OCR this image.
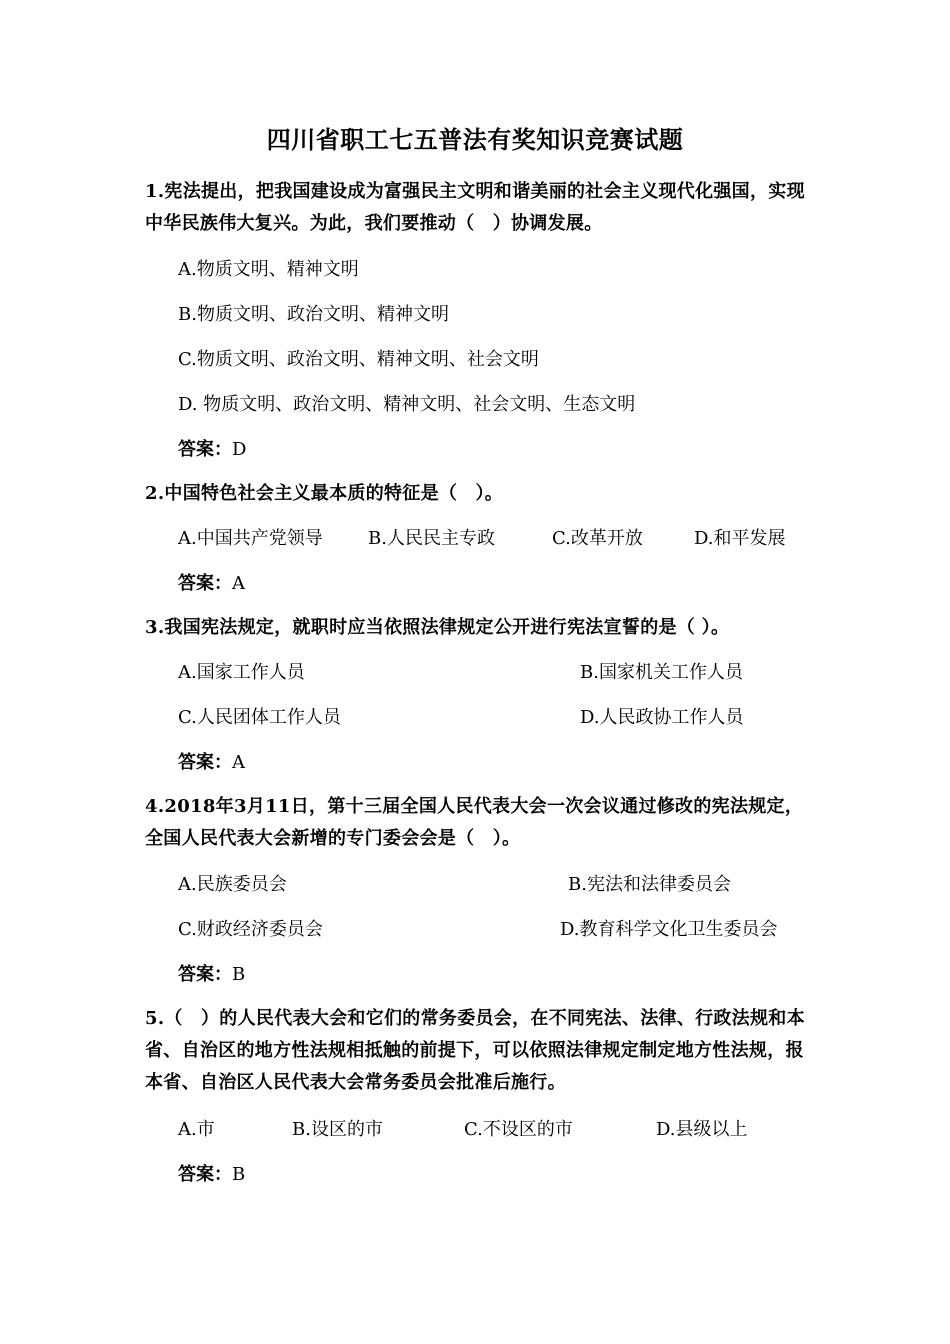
四川省职工七五普法有奖知识竞赛试题
1.宪法提出，把我国建设成为富强民主文明和谐美丽的社会主义现代化强国，实现中华民族伟大复兴。为此，我们要推动（　）协调发展。
A.物质文明、精神文明
B.物质文明、政治文明、精神文明
C.物质文明、政治文明、精神文明、社会文明
D. 物质文明、政治文明、精神文明、社会文明、生态文明
答案：D
2.中国特色社会主义最本质的特征是（　）。
A.中国共产党领导	B.人民民主专政	C.改革开放	D.和平发展
答案：A
3.我国宪法规定，就职时应当依照法律规定公开进行宪法宣誓的是（ ）。
A.国家工作人员	B.国家机关工作人员
C.人民团体工作人员	D.人民政协工作人员
答案：A
4.2018年3月11日，第十三届全国人民代表大会一次会议通过修改的宪法规定，全国人民代表大会新增的专门委会会是（　）。
A.民族委员会	B.宪法和法律委员会
C.财政经济委员会	D.教育科学文化卫生委员会
答案：B
5.（　）的人民代表大会和它们的常务委员会，在不同宪法、法律、行政法规和本省、自治区的地方性法规相抵触的前提下，可以依照法律规定制定地方性法规，报本省、自治区人民代表大会常务委员会批准后施行。
A.市	B.设区的市	C.不设区的市	D.县级以上
答案：B
